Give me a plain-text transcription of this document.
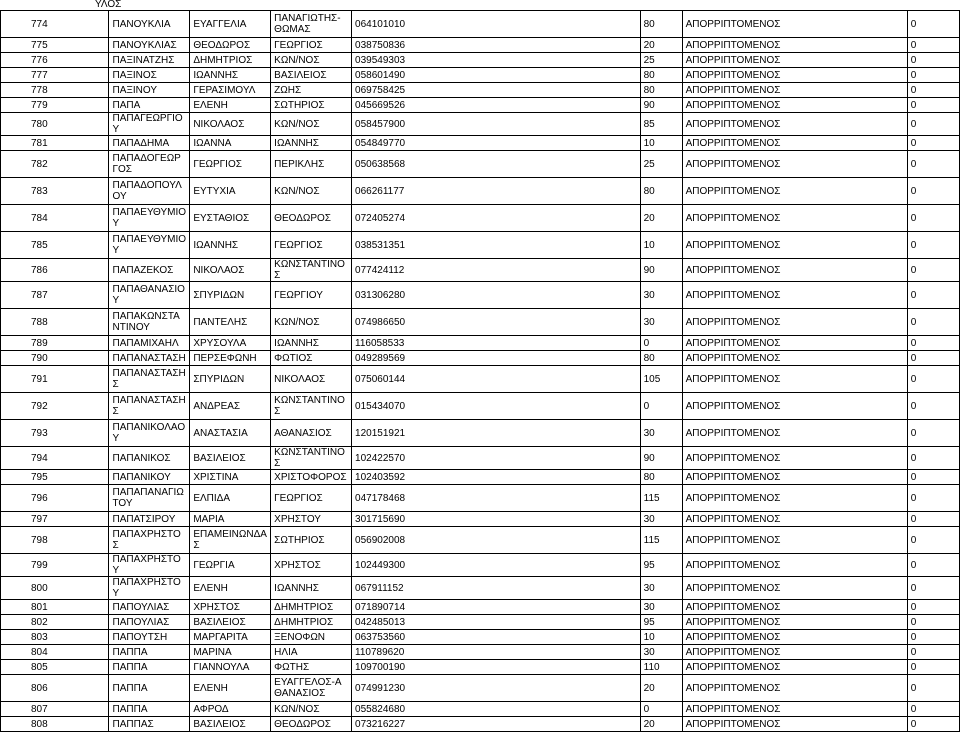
ΥΛΟΣ
774	ΠΑΝΟΥΚΛΙΑ	ΕΥΑΓΓΕΛΙΑ	ΠΑΝΑΓΙΩΤΗΣ-ΘΩΜΑΣ	064101010	80	ΑΠΟΡΡΙΠΤΟΜΕΝΟΣ	0
775	ΠΑΝΟΥΚΛΙΑΣ	ΘΕΟΔΩΡΟΣ	ΓΕΩΡΓΙΟΣ	038750836	20	ΑΠΟΡΡΙΠΤΟΜΕΝΟΣ	0
776	ΠΑΞΙΝΑΤΖΗΣ	ΔΗΜΗΤΡΙΟΣ	ΚΩΝ/ΝΟΣ	039549303	25	ΑΠΟΡΡΙΠΤΟΜΕΝΟΣ	0
777	ΠΑΞΙΝΟΣ	ΙΩΑΝΝΗΣ	ΒΑΣΙΛΕΙΟΣ	058601490	80	ΑΠΟΡΡΙΠΤΟΜΕΝΟΣ	0
778	ΠΑΞΙΝΟΥ	ΓΕΡΑΣΙΜΟΥΛ	ΖΩΗΣ	069758425	80	ΑΠΟΡΡΙΠΤΟΜΕΝΟΣ	0
779	ΠΑΠΑ	ΕΛΕΝΗ	ΣΩΤΗΡΙΟΣ	045669526	90	ΑΠΟΡΡΙΠΤΟΜΕΝΟΣ	0
780	ΠΑΠΑΓΕΩΡΓΙΟΥ	ΝΙΚΟΛΑΟΣ	ΚΩΝ/ΝΟΣ	058457900	85	ΑΠΟΡΡΙΠΤΟΜΕΝΟΣ	0
781	ΠΑΠΑΔΗΜΑ	ΙΩΑΝΝΑ	ΙΩΑΝΝΗΣ	054849770	10	ΑΠΟΡΡΙΠΤΟΜΕΝΟΣ	0
782	ΠΑΠΑΔΟΓΕΩΡΓΟΣ	ΓΕΩΡΓΙΟΣ	ΠΕΡΙΚΛΗΣ	050638568	25	ΑΠΟΡΡΙΠΤΟΜΕΝΟΣ	0
783	ΠΑΠΑΔΟΠΟΥΛΟΥ	ΕΥΤΥΧΙΑ	ΚΩΝ/ΝΟΣ	066261177	80	ΑΠΟΡΡΙΠΤΟΜΕΝΟΣ	0
784	ΠΑΠΑΕΥΘΥΜΙΟΥ	ΕΥΣΤΑΘΙΟΣ	ΘΕΟΔΩΡΟΣ	072405274	20	ΑΠΟΡΡΙΠΤΟΜΕΝΟΣ	0
785	ΠΑΠΑΕΥΘΥΜΙΟΥ	ΙΩΑΝΝΗΣ	ΓΕΩΡΓΙΟΣ	038531351	10	ΑΠΟΡΡΙΠΤΟΜΕΝΟΣ	0
786	ΠΑΠΑΖΕΚΟΣ	ΝΙΚΟΛΑΟΣ	ΚΩΝΣΤΑΝΤΙΝΟΣ	077424112	90	ΑΠΟΡΡΙΠΤΟΜΕΝΟΣ	0
787	ΠΑΠΑΘΑΝΑΣΙΟΥ	ΣΠΥΡΙΔΩΝ	ΓΕΩΡΓΙΟΥ	031306280	30	ΑΠΟΡΡΙΠΤΟΜΕΝΟΣ	0
788	ΠΑΠΑΚΩΝΣΤΑΝΤΙΝΟΥ	ΠΑΝΤΕΛΗΣ	ΚΩΝ/ΝΟΣ	074986650	30	ΑΠΟΡΡΙΠΤΟΜΕΝΟΣ	0
789	ΠΑΠΑΜΙΧΑΗΛ	ΧΡΥΣΟΥΛΑ	ΙΩΑΝΝΗΣ	116058533	0	ΑΠΟΡΡΙΠΤΟΜΕΝΟΣ	0
790	ΠΑΠΑΝΑΣΤΑΣΗ	ΠΕΡΣΕΦΩΝΗ	ΦΩΤΙΟΣ	049289569	80	ΑΠΟΡΡΙΠΤΟΜΕΝΟΣ	0
791	ΠΑΠΑΝΑΣΤΑΣΗΣ	ΣΠΥΡΙΔΩΝ	ΝΙΚΟΛΑΟΣ	075060144	105	ΑΠΟΡΡΙΠΤΟΜΕΝΟΣ	0
792	ΠΑΠΑΝΑΣΤΑΣΗΣ	ΑΝΔΡΕΑΣ	ΚΩΝΣΤΑΝΤΙΝΟΣ	015434070	0	ΑΠΟΡΡΙΠΤΟΜΕΝΟΣ	0
793	ΠΑΠΑΝΙΚΟΛΑΟΥ	ΑΝΑΣΤΑΣΙΑ	ΑΘΑΝΑΣΙΟΣ	120151921	30	ΑΠΟΡΡΙΠΤΟΜΕΝΟΣ	0
794	ΠΑΠΑΝΙΚΟΣ	ΒΑΣΙΛΕΙΟΣ	ΚΩΝΣΤΑΝΤΙΝΟΣ	102422570	90	ΑΠΟΡΡΙΠΤΟΜΕΝΟΣ	0
795	ΠΑΠΑΝΙΚΟΥ	ΧΡΙΣΤΙΝΑ	ΧΡΙΣΤΟΦΟΡΟΣ	102403592	80	ΑΠΟΡΡΙΠΤΟΜΕΝΟΣ	0
796	ΠΑΠΑΠΑΝΑΓΙΩΤΟΥ	ΕΛΠΙΔΑ	ΓΕΩΡΓΙΟΣ	047178468	115	ΑΠΟΡΡΙΠΤΟΜΕΝΟΣ	0
797	ΠΑΠΑΤΣΙΡΟΥ	ΜΑΡΙΑ	ΧΡΗΣΤΟΥ	301715690	30	ΑΠΟΡΡΙΠΤΟΜΕΝΟΣ	0
798	ΠΑΠΑΧΡΗΣΤΟΣ	ΕΠΑΜΕΙΝΩΝΔΑΣ	ΣΩΤΗΡΙΟΣ	056902008	115	ΑΠΟΡΡΙΠΤΟΜΕΝΟΣ	0
799	ΠΑΠΑΧΡΗΣΤΟΥ	ΓΕΩΡΓΙΑ	ΧΡΗΣΤΟΣ	102449300	95	ΑΠΟΡΡΙΠΤΟΜΕΝΟΣ	0
800	ΠΑΠΑΧΡΗΣΤΟΥ	ΕΛΕΝΗ	ΙΩΑΝΝΗΣ	067911152	30	ΑΠΟΡΡΙΠΤΟΜΕΝΟΣ	0
801	ΠΑΠΟΥΛΙΑΣ	ΧΡΗΣΤΟΣ	ΔΗΜΗΤΡΙΟΣ	071890714	30	ΑΠΟΡΡΙΠΤΟΜΕΝΟΣ	0
802	ΠΑΠΟΥΛΙΑΣ	ΒΑΣΙΛΕΙΟΣ	ΔΗΜΗΤΡΙΟΣ	042485013	95	ΑΠΟΡΡΙΠΤΟΜΕΝΟΣ	0
803	ΠΑΠΟΥΤΣΗ	ΜΑΡΓΑΡΙΤΑ	ΞΕΝΟΦΩΝ	063753560	10	ΑΠΟΡΡΙΠΤΟΜΕΝΟΣ	0
804	ΠΑΠΠΑ	ΜΑΡΙΝΑ	ΗΛΙΑ	110789620	30	ΑΠΟΡΡΙΠΤΟΜΕΝΟΣ	0
805	ΠΑΠΠΑ	ΓΙΑΝΝΟΥΛΑ	ΦΩΤΗΣ	109700190	110	ΑΠΟΡΡΙΠΤΟΜΕΝΟΣ	0
806	ΠΑΠΠΑ	ΕΛΕΝΗ	ΕΥΑΓΓΕΛΟΣ-ΑΘΑΝΑΣΙΟΣ	074991230	20	ΑΠΟΡΡΙΠΤΟΜΕΝΟΣ	0
807	ΠΑΠΠΑ	ΑΦΡΟΔ	ΚΩΝ/ΝΟΣ	055824680	0	ΑΠΟΡΡΙΠΤΟΜΕΝΟΣ	0
808	ΠΑΠΠΑΣ	ΒΑΣΙΛΕΙΟΣ	ΘΕΟΔΩΡΟΣ	073216227	20	ΑΠΟΡΡΙΠΤΟΜΕΝΟΣ	0
